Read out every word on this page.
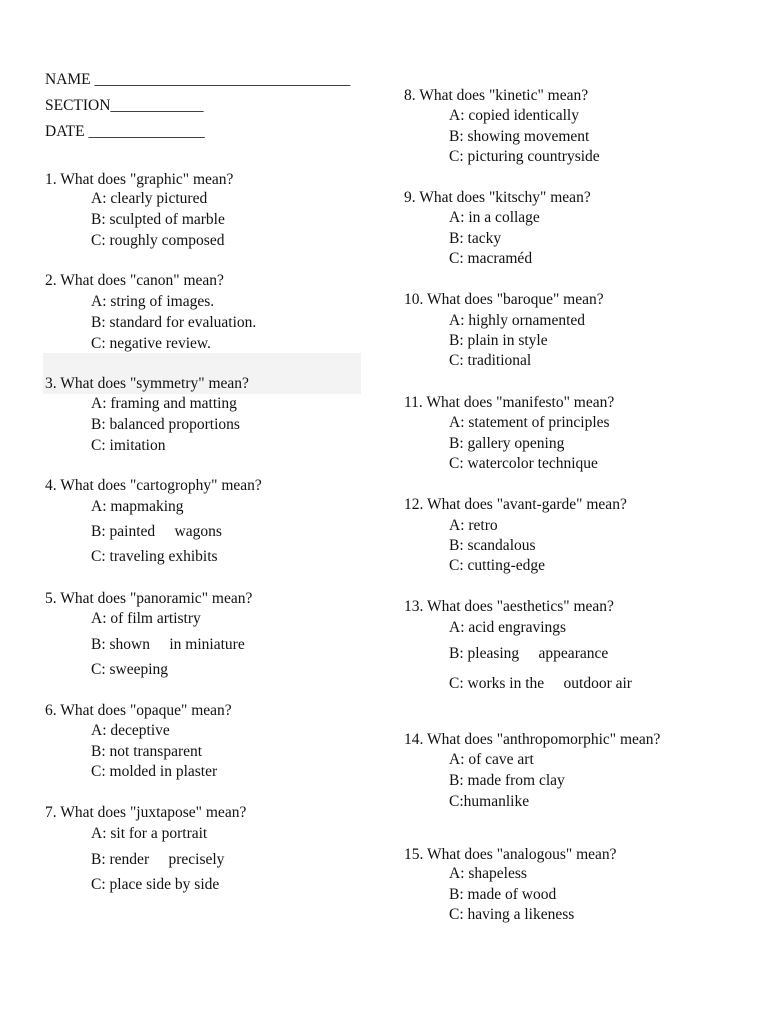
NAME _________________________________
SECTION____________
DATE _______________
1. What does "graphic" mean?
A: clearly pictured
B: sculpted of marble
C: roughly composed
2. What does "canon" mean?
A: string of images.
B: standard for evaluation.
C: negative review.
3. What does "symmetry" mean?
A: framing and matting
B: balanced proportions
C: imitation
4. What does "cartogrophy" mean?
A: mapmaking
B: painted     wagons
C: traveling exhibits
5. What does "panoramic" mean?
A: of film artistry
B: shown     in miniature
C: sweeping
6. What does "opaque" mean?
A: deceptive
B: not transparent
C: molded in plaster
7. What does "juxtapose" mean?
A: sit for a portrait
B: render     precisely
C: place side by side
8. What does "kinetic" mean?
A: copied identically
B: showing movement
C: picturing countryside
9. What does "kitschy" mean?
A: in a collage
B: tacky
C: macraméd
10. What does "baroque" mean?
A: highly ornamented
B: plain in style
C: traditional
11. What does "manifesto" mean?
A: statement of principles
B: gallery opening
C: watercolor technique
12. What does "avant-garde" mean?
A: retro
B: scandalous
C: cutting-edge
13. What does "aesthetics" mean?
A: acid engravings
B: pleasing     appearance
C: works in the     outdoor air
14. What does "anthropomorphic" mean?
A: of cave art
B: made from clay
C:humanlike
15. What does "analogous" mean?
A: shapeless
B: made of wood
C: having a likeness
